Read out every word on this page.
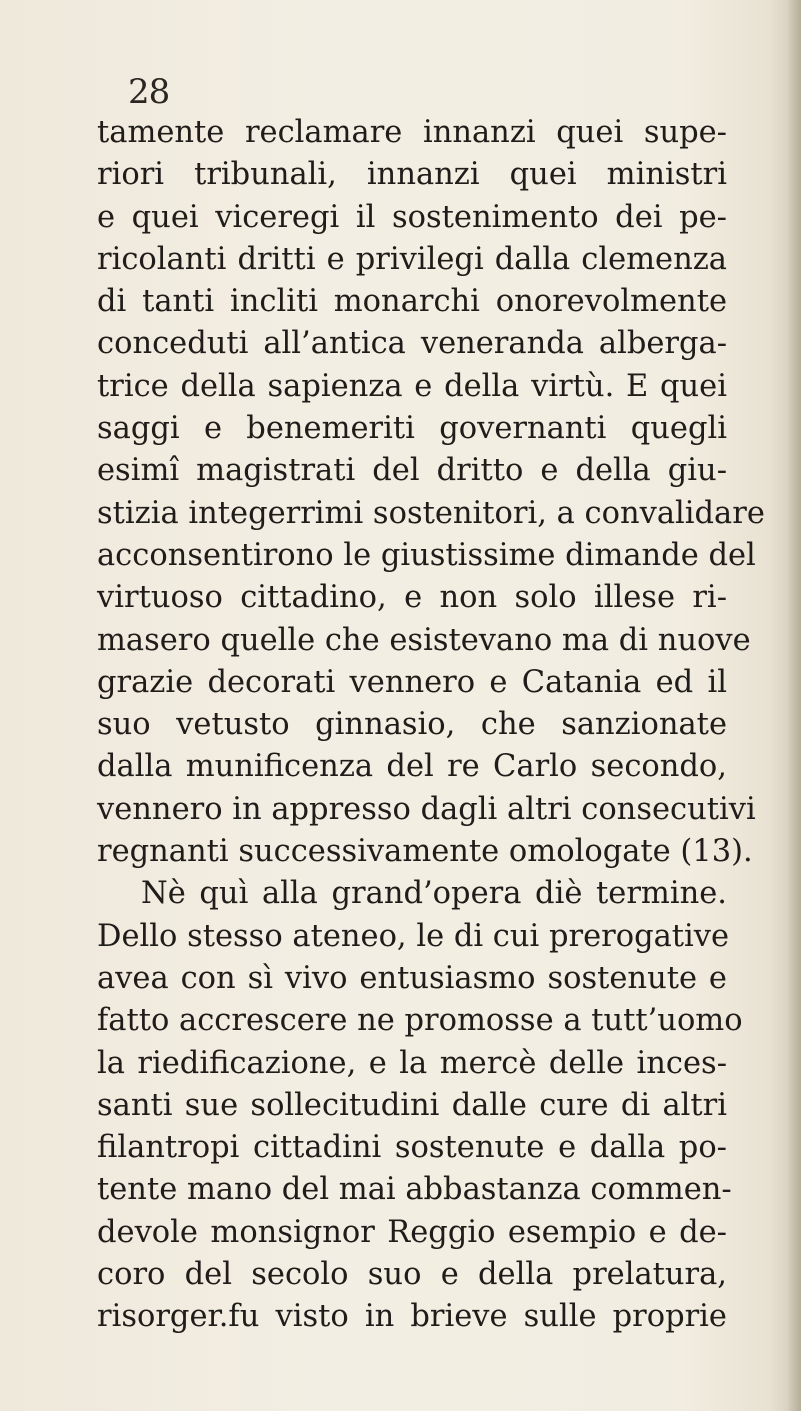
28
tamente reclamare innanzi quei supe-
riori tribunali, innanzi quei ministri
e quei viceregi il sostenimento dei pe-
ricolanti dritti e privilegi dalla clemenza
di tanti incliti monarchi onorevolmente
conceduti all’antica veneranda alberga-
trice della sapienza e della virtù. E quei
saggi e benemeriti governanti quegli
esimî magistrati del dritto e della giu-
stizia integerrimi sostenitori, a convalidare
acconsentirono le giustissime dimande del
virtuoso cittadino, e non solo illese ri-
masero quelle che esistevano ma di nuove
grazie decorati vennero e Catania ed il
suo vetusto ginnasio, che sanzionate
dalla munificenza del re Carlo secondo,
vennero in appresso dagli altri consecutivi
regnanti successivamente omologate (13).
Nè quì alla grand’opera diè termine.
Dello stesso ateneo, le di cui prerogative
avea con sì vivo entusiasmo sostenute e
fatto accrescere ne promosse a tutt’uomo
la riedificazione, e la mercè delle inces-
santi sue sollecitudini dalle cure di altri
filantropi cittadini sostenute e dalla po-
tente mano del mai abbastanza commen-
devole monsignor Reggio esempio e de-
coro del secolo suo e della prelatura,
risorger.fu visto in brieve sulle proprie
